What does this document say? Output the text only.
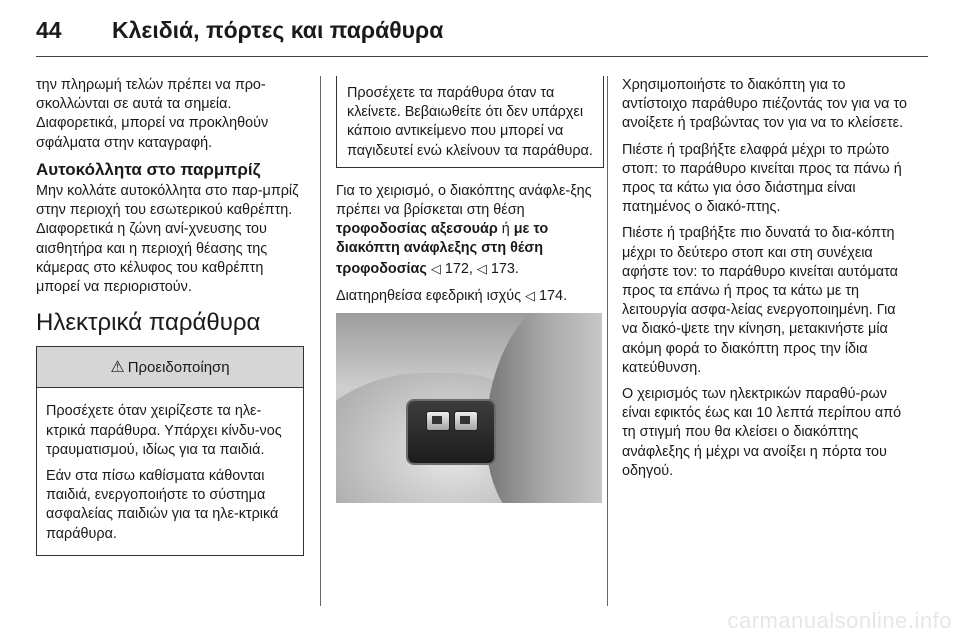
44	Κλειδιά, πόρτες και παράθυρα

την πληρωμή τελών πρέπει να προ-σκολλώνται σε αυτά τα σημεία. Διαφορετικά, μπορεί να προκληθούν σφάλματα στην καταγραφή.

Αυτοκόλλητα στο παρμπρίζ

Μην κολλάτε αυτοκόλλητα στο παρ-μπρίζ στην περιοχή του εσωτερικού καθρέπτη. Διαφορετικά η ζώνη ανί-χνευσης του αισθητήρα και η περιοχή θέασης της κάμερας στο κέλυφος του καθρέπτη μπορεί να περιοριστούν.

Ηλεκτρικά παράθυρα
⚠ Προειδοποίηση

Προσέχετε όταν χειρίζεστε τα ηλε-κτρικά παράθυρα. Υπάρχει κίνδυ-νος τραυματισμού, ιδίως για τα παιδιά.

Εάν στα πίσω καθίσματα κάθονται παιδιά, ενεργοποιήστε το σύστημα ασφαλείας παιδιών για τα ηλε-κτρικά παράθυρα.

Προσέχετε τα παράθυρα όταν τα κλείνετε. Βεβαιωθείτε ότι δεν υπάρχει κάποιο αντικείμενο που μπορεί να παγιδευτεί ενώ κλείνουν τα παράθυρα.

Για το χειρισμό, ο διακόπτης ανάφλε-ξης πρέπει να βρίσκεται στη θέση τροφοδοσίας αξεσουάρ ή με το διακόπτη ανάφλεξης στη θέση τροφοδοσίας ◁ 172, ◁ 173.

Διατηρηθείσα εφεδρική ισχύς ◁ 174.

Χρησιμοποιήστε το διακόπτη για το αντίστοιχο παράθυρο πιέζοντάς τον για να το ανοίξετε ή τραβώντας τον για να το κλείσετε.

Πιέστε ή τραβήξτε ελαφρά μέχρι το πρώτο στοπ: το παράθυρο κινείται προς τα πάνω ή προς τα κάτω για όσο διάστημα είναι πατημένος ο διακό-πτης.

Πιέστε ή τραβήξτε πιο δυνατά το δια-κόπτη μέχρι το δεύτερο στοπ και στη συνέχεια αφήστε τον: το παράθυρο κινείται αυτόματα προς τα επάνω ή προς τα κάτω με τη λειτουργία ασφα-λείας ενεργοποιημένη. Για να διακό-ψετε την κίνηση, μετακινήστε μία ακόμη φορά το διακόπτη προς την ίδια κατεύθυνση.

Ο χειρισμός των ηλεκτρικών παραθύ-ρων είναι εφικτός έως και 10 λεπτά περίπου από τη στιγμή που θα κλείσει ο διακόπτης ανάφλεξης ή μέχρι να ανοίξει η πόρτα του οδηγού.

carmanualsonline.info
